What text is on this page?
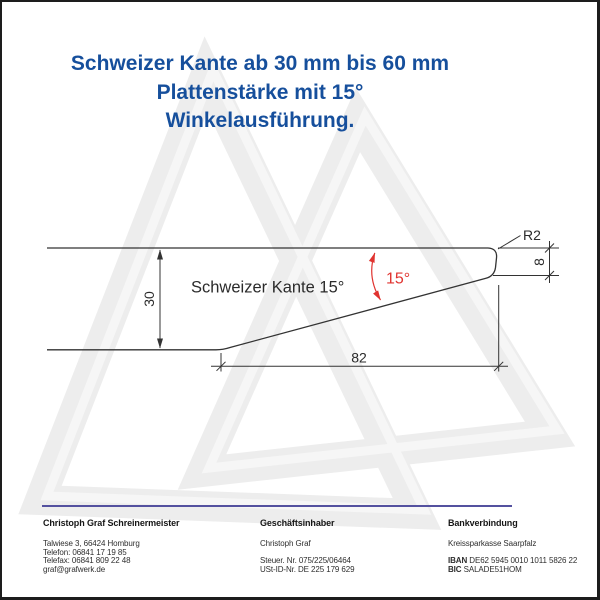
Schweizer Kante ab 30 mm bis 60 mm
Plattenstärke mit 15°
Winkelausführung.
30
8
82
R2
15°
Schweizer Kante 15°
Christoph Graf Schreinermeister
Talwiese 3, 66424 Homburg
Telefon: 06841 17 19 85
Telefax: 06841 809 22 48
graf@grafwerk.de
Geschäftsinhaber
Christoph Graf
Steuer. Nr. 075/225/06464
USt-ID-Nr. DE 225 179 629
Bankverbindung
Kreissparkasse Saarpfalz
IBAN DE62 5945 0010 1011 5826 22
BIC SALADE51HOM
